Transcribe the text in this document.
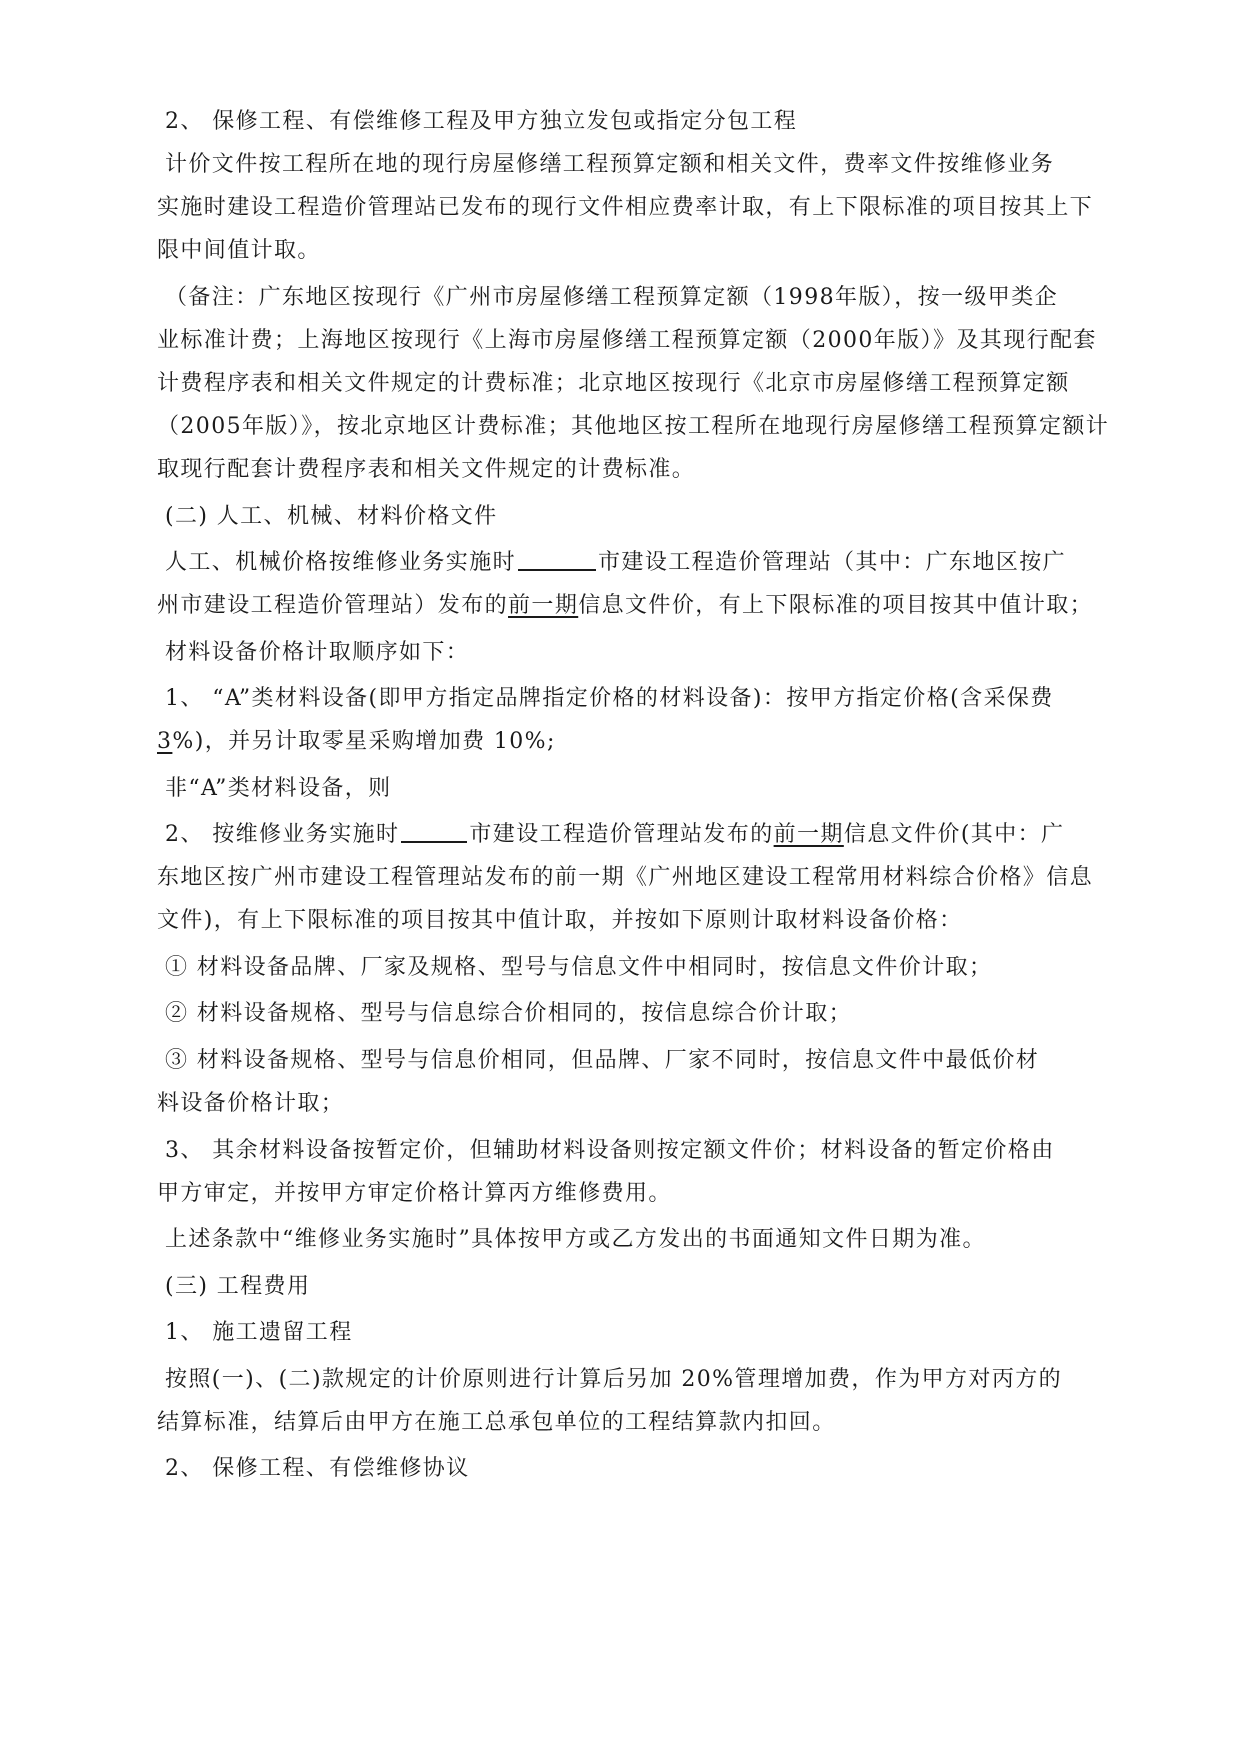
2、 保修工程、有偿维修工程及甲方独立发包或指定分包工程
计价文件按工程所在地的现行房屋修缮工程预算定额和相关文件，费率文件按维修业务
实施时建设工程造价管理站已发布的现行文件相应费率计取，有上下限标准的项目按其上下
限中间值计取。
（备注：广东地区按现行《广州市房屋修缮工程预算定额（1998年版），按一级甲类企
业标准计费；上海地区按现行《上海市房屋修缮工程预算定额（2000年版）》及其现行配套
计费程序表和相关文件规定的计费标准；北京地区按现行《北京市房屋修缮工程预算定额
（2005年版）》，按北京地区计费标准；其他地区按工程所在地现行房屋修缮工程预算定额计
取现行配套计费程序表和相关文件规定的计费标准。
(二) 人工、机械、材料价格文件
人工、机械价格按维修业务实施时	市建设工程造价管理站（其中：广东地区按广
州市建设工程造价管理站）发布的前一期信息文件价，有上下限标准的项目按其中值计取；
材料设备价格计取顺序如下：
1、 “A”类材料设备(即甲方指定品牌指定价格的材料设备)：按甲方指定价格(含采保费
3%)，并另计取零星采购增加费 10%;
非“A”类材料设备，则
2、 按维修业务实施时	市建设工程造价管理站发布的前一期信息文件价(其中：广
东地区按广州市建设工程管理站发布的前一期《广州地区建设工程常用材料综合价格》信息
文件)，有上下限标准的项目按其中值计取，并按如下原则计取材料设备价格：
① 材料设备品牌、厂家及规格、型号与信息文件中相同时，按信息文件价计取；
② 材料设备规格、型号与信息综合价相同的，按信息综合价计取；
③ 材料设备规格、型号与信息价相同，但品牌、厂家不同时，按信息文件中最低价材
料设备价格计取；
3、 其余材料设备按暂定价，但辅助材料设备则按定额文件价；材料设备的暂定价格由
甲方审定，并按甲方审定价格计算丙方维修费用。
上述条款中“维修业务实施时”具体按甲方或乙方发出的书面通知文件日期为准。
(三) 工程费用
1、 施工遗留工程
按照(一)、(二)款规定的计价原则进行计算后另加 20%管理增加费，作为甲方对丙方的
结算标准，结算后由甲方在施工总承包单位的工程结算款内扣回。
2、 保修工程、有偿维修协议
